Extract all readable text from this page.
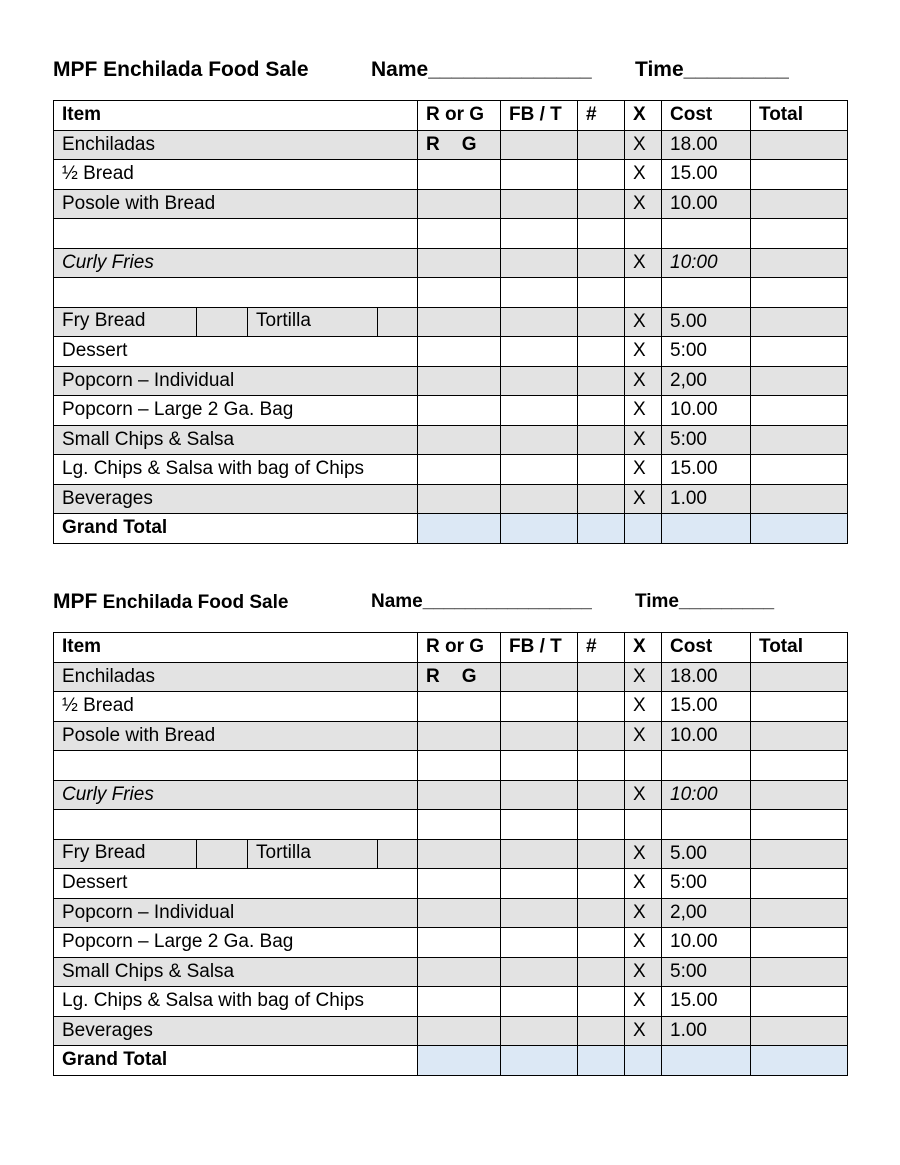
MPF Enchilada Food Sale	Name______________ Time_________
Item	R or G	FB / T	#	X	Cost	Total
Enchiladas	R G			X	18.00	
½ Bread				X	15.00	
Posole with Bread				X	10.00	

Curly Fries				X	10:00	

Fry Bread Tortilla				X	5.00	
Dessert				X	5:00	
Popcorn – Individual				X	2,00	
Popcorn – Large 2 Ga. Bag				X	10.00	
Small Chips & Salsa				X	5:00	
Lg. Chips & Salsa with bag of Chips				X	15.00	
Beverages				X	1.00	
Grand Total						
MPF Enchilada Food Sale	Name________________ Time_________
Item	R or G	FB / T	#	X	Cost	Total
Enchiladas	R G			X	18.00	
½ Bread				X	15.00	
Posole with Bread				X	10.00	

Curly Fries				X	10:00	

Fry Bread Tortilla				X	5.00	
Dessert				X	5:00	
Popcorn – Individual				X	2,00	
Popcorn – Large 2 Ga. Bag				X	10.00	
Small Chips & Salsa				X	5:00	
Lg. Chips & Salsa with bag of Chips				X	15.00	
Beverages				X	1.00	
Grand Total						
